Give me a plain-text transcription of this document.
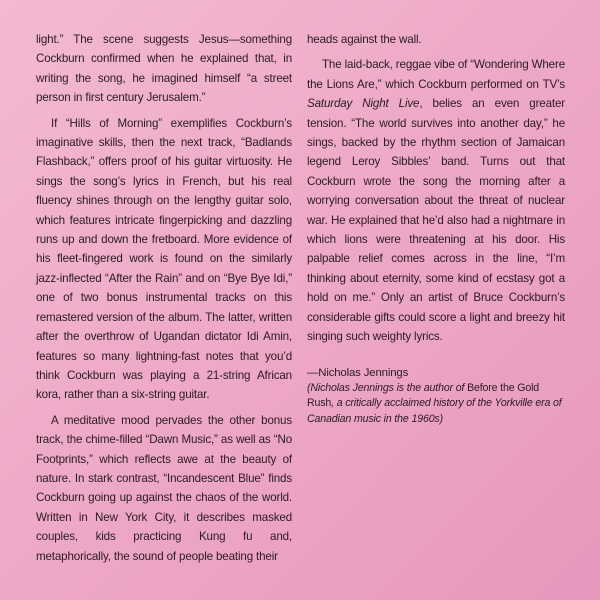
light.” The scene suggests Jesus—something Cockburn confirmed when he explained that, in writing the song, he imagined himself “a street person in first century Jerusalem.”

If “Hills of Morning” exemplifies Cockburn’s imaginative skills, then the next track, “Badlands Flashback,” offers proof of his guitar virtuosity. He sings the song’s lyrics in French, but his real fluency shines through on the lengthy guitar solo, which features intricate fingerpicking and dazzling runs up and down the fretboard. More evidence of his fleet-fingered work is found on the similarly jazz-inflected “After the Rain” and on “Bye Bye Idi,” one of two bonus instrumental tracks on this remastered version of the album. The latter, written after the overthrow of Ugandan dictator Idi Amin, features so many lightning-fast notes that you’d think Cockburn was playing a 21-string African kora, rather than a six-string guitar.

A meditative mood pervades the other bonus track, the chime-filled “Dawn Music,” as well as “No Footprints,” which reflects awe at the beauty of nature. In stark contrast, “Incandescent Blue” finds Cockburn going up against the chaos of the world. Written in New York City, it describes masked couples, kids practicing Kung fu and, metaphorically, the sound of people beating their

heads against the wall.

The laid-back, reggae vibe of “Wondering Where the Lions Are,” which Cockburn performed on TV’s Saturday Night Live, belies an even greater tension. “The world survives into another day,” he sings, backed by the rhythm section of Jamaican legend Leroy Sibbles’ band. Turns out that Cockburn wrote the song the morning after a worrying conversation about the threat of nuclear war. He explained that he’d also had a nightmare in which lions were threatening at his door. His palpable relief comes across in the line, “I’m thinking about eternity, some kind of ecstasy got a hold on me.” Only an artist of Bruce Cockburn’s considerable gifts could score a light and breezy hit singing such weighty lyrics.

—Nicholas Jennings
(Nicholas Jennings is the author of Before the Gold Rush, a critically acclaimed history of the Yorkville era of Canadian music in the 1960s)
